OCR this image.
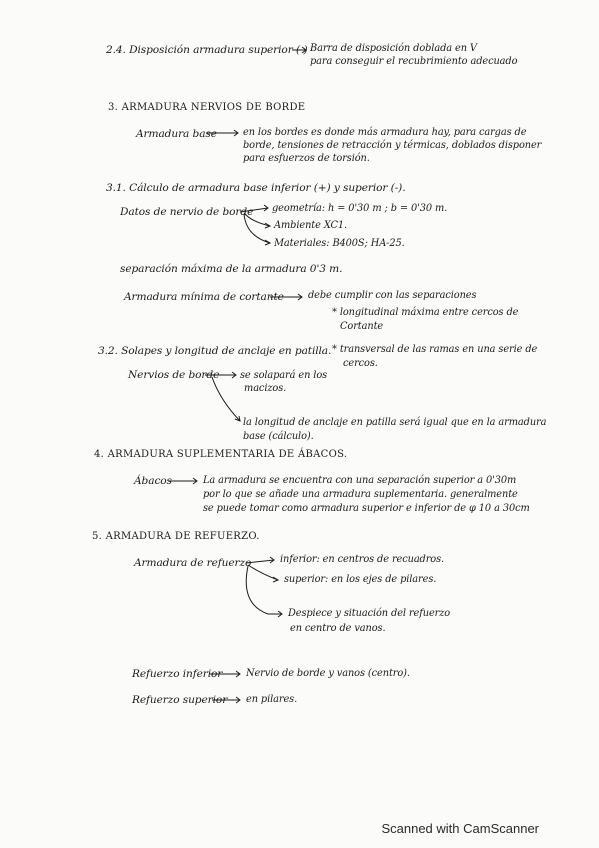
2.4. Disposición armadura superior (-) Barra de disposición doblada en V
para conseguir el recubrimiento adecuado
3. ARMADURA NERVIOS DE BORDE
Armadura base	en los bordes es donde más armadura hay, para cargas de
borde, tensiones de retracción y térmicas, doblados disponer
para esfuerzos de torsión.
3.1. Cálculo de armadura base inferior (+) y superior (-).
Datos de nervio de borde geometría: h = 0'30 m ; b = 0'30 m.
Ambiente XC1.
Materiales: B400S; HA-25.
separación máxima de la armadura 0'3 m.
Armadura mínima de cortante debe cumplir con las separaciones
* longitudinal máxima entre cercos de
Cortante
3.2. Solapes y longitud de anclaje en patilla. * transversal de las ramas en una serie de
cercos.
Nervios de borde se solapará en los
macizos.
la longitud de anclaje en patilla será igual que en la armadura
base (cálculo).
4. ARMADURA SUPLEMENTARIA DE ÁBACOS.
Ábacos	La armadura se encuentra con una separación superior a 0'30m
por lo que se añade una armadura suplementaria. generalmente
se puede tomar como armadura superior e inferior de φ 10 a 30cm
5. ARMADURA DE REFUERZO.
Armadura de refuerzo	inferior: en centros de recuadros.
superior: en los ejes de pilares.
Despiece y situación del refuerzo
en centro de vanos.
Refuerzo inferior Nervio de borde y vanos (centro).
Refuerzo superior en pilares.
Scanned with CamScanner
